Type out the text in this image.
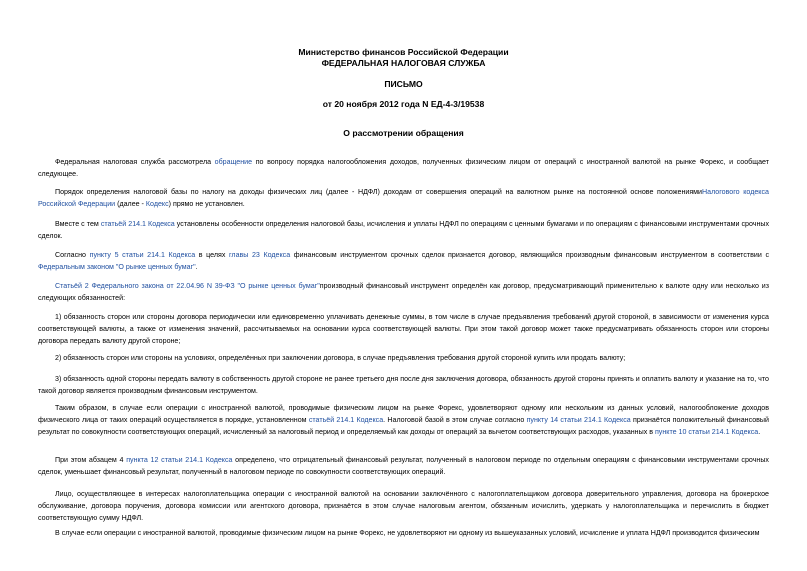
Министерство финансов Российской Федерации
ФЕДЕРАЛЬНАЯ НАЛОГОВАЯ СЛУЖБА
ПИСЬМО
от 20 ноября 2012 года N ЕД-4-3/19538
О рассмотрении обращения
Федеральная налоговая служба рассмотрела обращение по вопросу порядка налогообложения доходов, полученных физическим лицом от операций с иностранной валютой на рынке Форекс, и сообщает следующее.
Порядок определения налоговой базы по налогу на доходы физических лиц (далее - НДФЛ) доходам от совершения операций на валютном рынке на постоянной основе положениямиНалогового кодекса Российской Федерации (далее - Кодекс) прямо не установлен.
Вместе с тем статьёй 214.1 Кодекса установлены особенности определения налоговой базы, исчисления и уплаты НДФЛ по операциям с ценными бумагами и по операциям с финансовыми инструментами срочных сделок.
Согласно пункту 5 статьи 214.1 Кодекса в целях главы 23 Кодекса финансовым инструментом срочных сделок признается договор, являющийся производным финансовым инструментом в соответствии с Федеральным законом "О рынке ценных бумаг".
Статьёй 2 Федерального закона от 22.04.96 N 39-ФЗ "О рынке ценных бумаг"производный финансовый инструмент определён как договор, предусматривающий применительно к валюте одну или несколько из следующих обязанностей:
1) обязанность сторон или стороны договора периодически или единовременно уплачивать денежные суммы, в том числе в случае предъявления требований другой стороной, в зависимости от изменения курса соответствующей валюты, а также от изменения значений, рассчитываемых на основании курса соответствующей валюты. При этом такой договор может также предусматривать обязанность сторон или стороны договора передать валюту другой стороне;
2) обязанность сторон или стороны на условиях, определённых при заключении договора, в случае предъявления требования другой стороной купить или продать валюту;
3) обязанность одной стороны передать валюту в собственность другой стороне не ранее третьего дня после дня заключения договора, обязанность другой стороны принять и оплатить валюту и указание на то, что такой договор является производным финансовым инструментом.
Таким образом, в случае если операции с иностранной валютой, проводимые физическим лицом на рынке Форекс, удовлетворяют одному или нескольким из данных условий, налогообложение доходов физического лица от таких операций осуществляется в порядке, установленном статьёй 214.1 Кодекса. Налоговой базой в этом случае согласно пункту 14 статьи 214.1 Кодекса признаётся положительный финансовый результат по совокупности соответствующих операций, исчисленный за налоговый период и определяемый как доходы от операций за вычетом соответствующих расходов, указанных в пункте 10 статьи 214.1 Кодекса.
При этом абзацем 4 пункта 12 статьи 214.1 Кодекса определено, что отрицательный финансовый результат, полученный в налоговом периоде по отдельным операциям с финансовыми инструментами срочных сделок, уменьшает финансовый результат, полученный в налоговом периоде по совокупности соответствующих операций.
Лицо, осуществляющее в интересах налогоплательщика операции с иностранной валютой на основании заключённого с налогоплательщиком договора доверительного управления, договора на брокерское обслуживание, договора поручения, договора комиссии или агентского договора, признаётся в этом случае налоговым агентом, обязанным исчислить, удержать у налогоплательщика и перечислить в бюджет соответствующую сумму НДФЛ.
В случае если операции с иностранной валютой, проводимые физическим лицом на рынке Форекс, не удовлетворяют ни одному из вышеуказанных условий, исчисление и уплата НДФЛ производится физическим
